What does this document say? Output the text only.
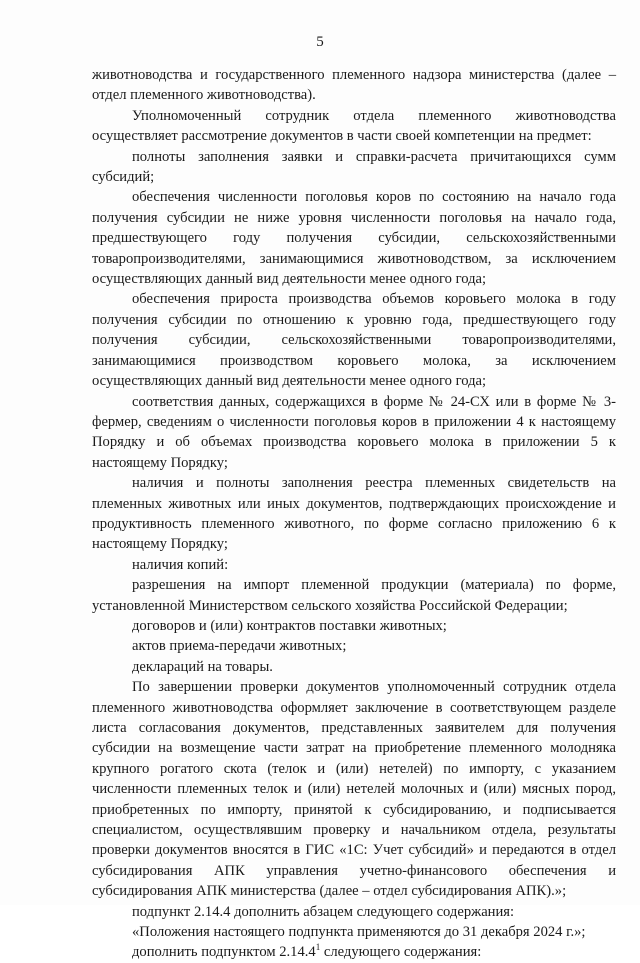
5

животноводства и государственного племенного надзора министерства (далее – отдел племенного животноводства).

Уполномоченный сотрудник отдела племенного животноводства осуществляет рассмотрение документов в части своей компетенции на предмет:

полноты заполнения заявки и справки-расчета причитающихся сумм субсидий;

обеспечения численности поголовья коров по состоянию на начало года получения субсидии не ниже уровня численности поголовья на начало года, предшествующего году получения субсидии, сельскохозяйственными товаропроизводителями, занимающимися животноводством, за исключением осуществляющих данный вид деятельности менее одного года;

обеспечения прироста производства объемов коровьего молока в году получения субсидии по отношению к уровню года, предшествующего году получения субсидии, сельскохозяйственными товаропроизводителями, занимающимися производством коровьего молока, за исключением осуществляющих данный вид деятельности менее одного года;

соответствия данных, содержащихся в форме № 24-СХ или в форме № 3-фермер, сведениям о численности поголовья коров в приложении 4 к настоящему Порядку и об объемах производства коровьего молока в приложении 5 к настоящему Порядку;

наличия и полноты заполнения реестра племенных свидетельств на племенных животных или иных документов, подтверждающих происхождение и продуктивность племенного животного, по форме согласно приложению 6 к настоящему Порядку;

наличия копий:

разрешения на импорт племенной продукции (материала) по форме, установленной Министерством сельского хозяйства Российской Федерации;

договоров и (или) контрактов поставки животных;

актов приема-передачи животных;

деклараций на товары.

По завершении проверки документов уполномоченный сотрудник отдела племенного животноводства оформляет заключение в соответствующем разделе листа согласования документов, представленных заявителем для получения субсидии на возмещение части затрат на приобретение племенного молодняка крупного рогатого скота (телок и (или) нетелей) по импорту, с указанием численности племенных телок и (или) нетелей молочных и (или) мясных пород, приобретенных по импорту, принятой к субсидированию, и подписывается специалистом, осуществлявшим проверку и начальником отдела, результаты проверки документов вносятся в ГИС «1С: Учет субсидий» и передаются в отдел субсидирования АПК управления учетно-финансового обеспечения и субсидирования АПК министерства (далее – отдел субсидирования АПК).»;

подпункт 2.14.4 дополнить абзацем следующего содержания:

«Положения настоящего подпункта применяются до 31 декабря 2024 г.»;

дополнить подпунктом 2.14.4$^1$ следующего содержания:
